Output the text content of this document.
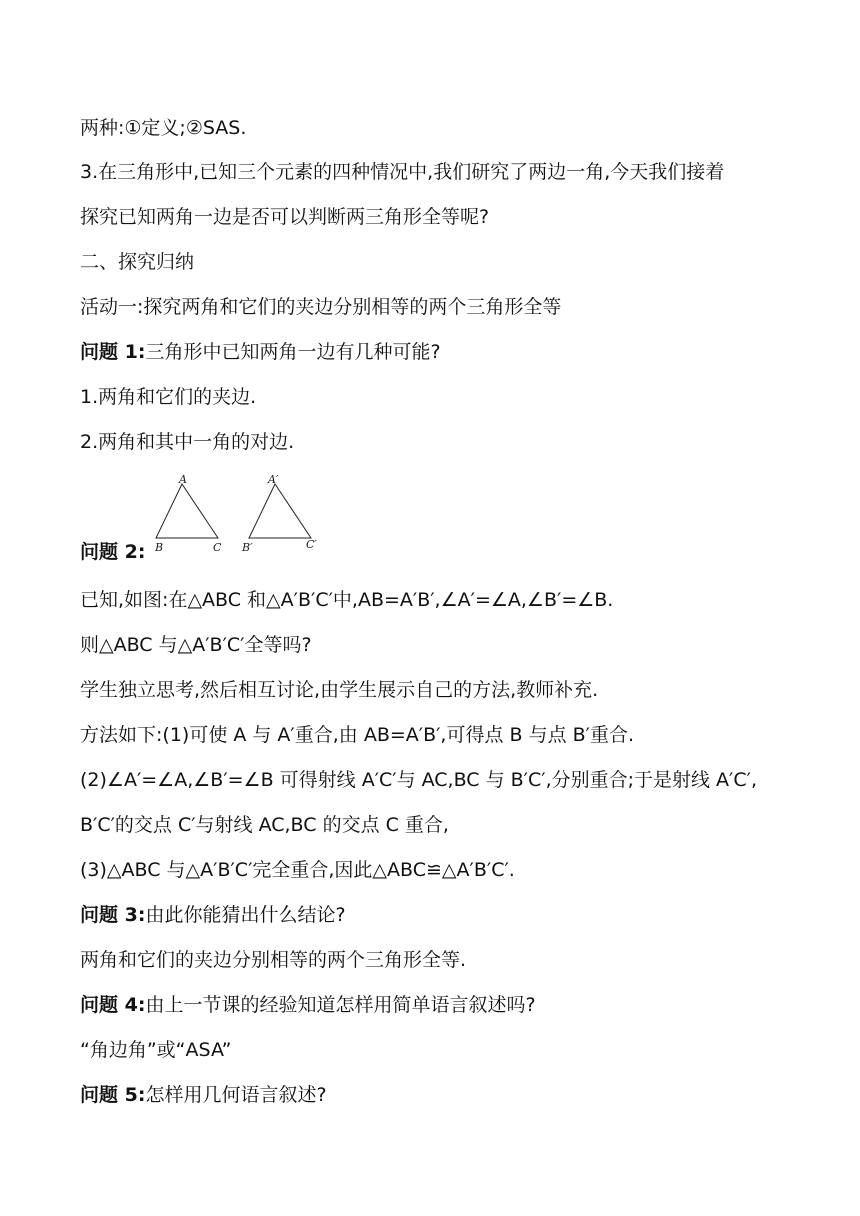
两种:①定义;②SAS.
3.在三角形中,已知三个元素的四种情况中,我们研究了两边一角,今天我们接着
探究已知两角一边是否可以判断两三角形全等呢?
二、探究归纳
活动一:探究两角和它们的夹边分别相等的两个三角形全等
问题 1:三角形中已知两角一边有几种可能?
1.两角和它们的夹边.
2.两角和其中一角的对边.
A
B	C
A′
B′	C′
问题 2:
已知,如图:在△ABC 和△A′B′C′中,AB=A′B′,∠A′=∠A,∠B′=∠B.
则△ABC 与△A′B′C′全等吗?
学生独立思考,然后相互讨论,由学生展示自己的方法,教师补充.
方法如下:(1)可使 A 与 A′重合,由 AB=A′B′,可得点 B 与点 B′重合.
(2)∠A′=∠A,∠B′=∠B 可得射线 A′C′与 AC,BC 与 B′C′,分别重合;于是射线 A′C′,
B′C′的交点 C′与射线 AC,BC 的交点 C 重合,
(3)△ABC 与△A′B′C′完全重合,因此△ABC≌△A′B′C′.
问题 3:由此你能猜出什么结论?
两角和它们的夹边分别相等的两个三角形全等.
问题 4:由上一节课的经验知道怎样用简单语言叙述吗?
“角边角”或“ASA”
问题 5:怎样用几何语言叙述?
